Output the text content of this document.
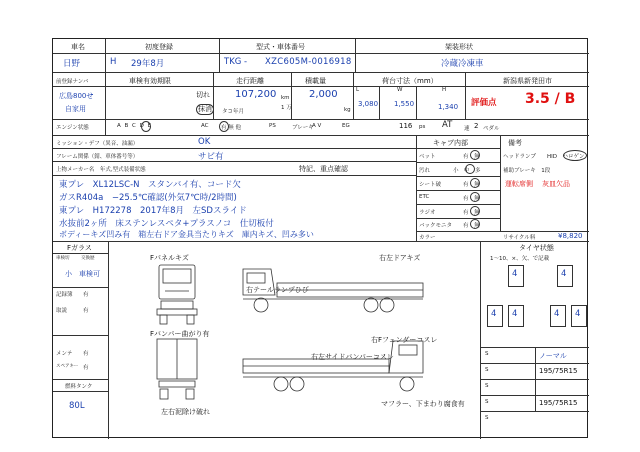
車名
日野
初度登録
H 29年8月
型式・車体番号
TKG - XZC605M-0016918
架装形状
冷蔵冷凍車
前登録ナンバ
広島800せ
自家用
車検有効期限
切れ
抹消	タコ年月
走行距離
107,200 km
1 万
積載量
2,000
kg
荷台寸法（mm）
L	W	H
3,080 1,550	1,340
新潟県新発田市
評価点 3.5 / B
エンジン状態	A B C D E	AC 有 無 他	PS	ブレーキ
A V	EG	116 ps AT 速 2 ペダル
ミッション・デフ（異音、油漏）	OK
フレーム関係（錆、車体番号等）	サビ有
上物メーカー名　年式,型式装備状態	特記、重点確認
東プレ　XL12LSC-N　スタンバイ有、コード欠
ガスR404a　−25.5℃確認(外気7℃時/2時間)
東プレ　H172278　2017年8月　左SDスライド
水抜前2ヶ所　床ステンレスペタ+プラスノコ　仕切板付
ボディーキズ凹み有　箱左右ドア金具当たりキズ　庫内キズ、凹み多い
キャブ内部	備考
ベット	有　無
汚れ	小　中　多
シート破	有　無
ETC	有　無
ラジオ	有　無
バックモニタ 有　無
カラー
ヘッドランプ　　HID　ハロゲン
補助ブレーキ　1段
運転席側 灰皿欠品
リサイクル料	¥8,820
Fガラス
車検切	交換歴
小　車検可
記録簿 有
取説	有
メンテ 有
スペアキー 有
燃料タンク
80L
Fパネルキズ
右テールランプひび
右左ドアキズ
Fバンパー曲がり有
右Fフェンダーコスレ
右左サイドバンパーコスレ
左右泥除け破れ
マフラー、下まわり腐食有
タイヤ状態
1〜10、×、欠、で記載
4	4
4 4	4 4
S	ノーマル
S	195/75R15
S
S	195/75R15
S
